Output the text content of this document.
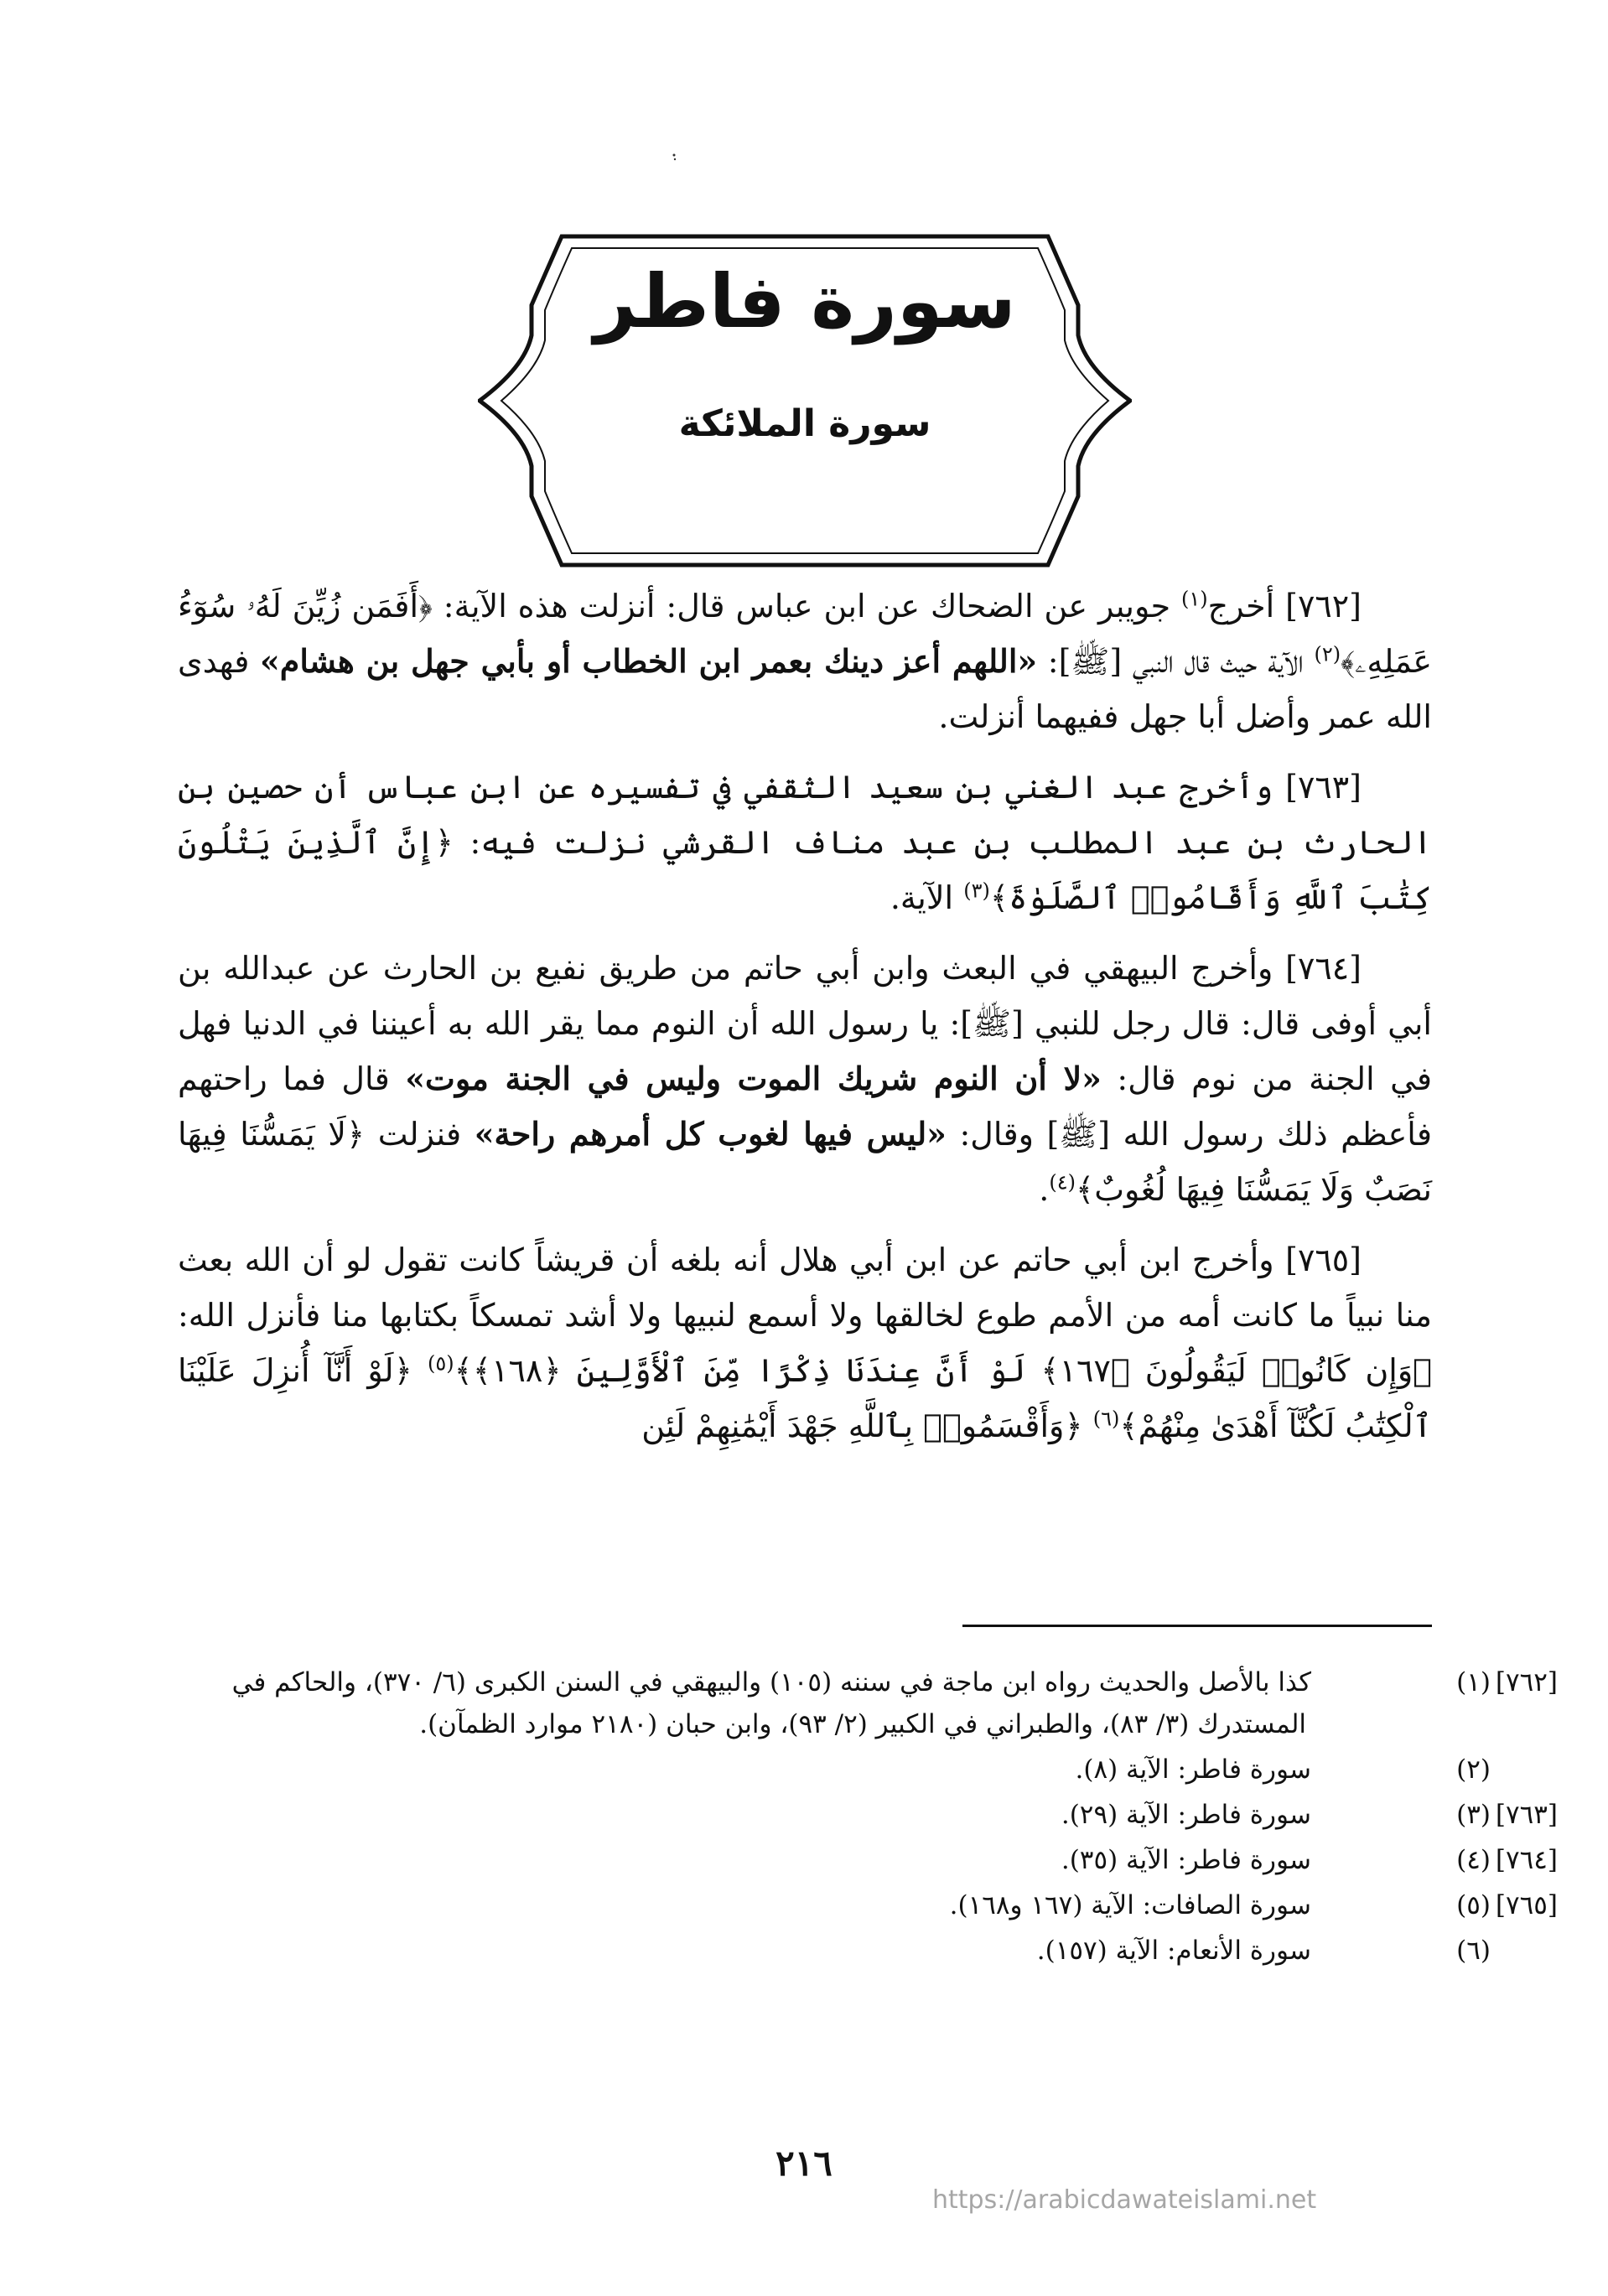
سورة فاطر
سورة الملائكة

[٧٦٢] أخرج$^{(١)}$ جويبر عن الضحاك عن ابن عباس قال: أنزلت هذه الآية: ﴿أَفَمَن زُيِّنَ لَهُۥ سُوٓءُ عَمَلِهِۦ﴾$^{(٢)}$ الآية حيث قال النبي [ﷺ]: «اللهم أعز دينك بعمر ابن الخطاب أو بأبي جهل بن هشام» فهدى الله عمر وأضل أبا جهل ففيهما أنزلت.

[٧٦٣] وأخرج عبد الغني بن سعيد الثقفي في تفسيره عن ابن عباس أن حصين بن الحارث بن عبد المطلب بن عبد مناف القرشي نزلت فيه: ﴿إِنَّ ٱلَّذِينَ يَتْلُونَ كِتَٰبَ ٱللَّهِ وَأَقَامُوا۟ ٱلصَّلَوٰةَ﴾$^{(٣)}$ الآية.

[٧٦٤] وأخرج البيهقي في البعث وابن أبي حاتم من طريق نفيع بن الحارث عن عبدالله بن أبي أوفى قال: قال رجل للنبي [ﷺ]: يا رسول الله أن النوم مما يقر الله به أعيننا في الدنيا فهل في الجنة من نوم قال: «لا أن النوم شريك الموت وليس في الجنة موت» قال فما راحتهم فأعظم ذلك رسول الله [ﷺ] وقال: «ليس فيها لغوب كل أمرهم راحة» فنزلت ﴿لَا يَمَسُّنَا فِيهَا نَصَبٌ وَلَا يَمَسُّنَا فِيهَا لُغُوبٌ﴾$^{(٤)}$.

[٧٦٥] وأخرج ابن أبي حاتم عن ابن أبي هلال أنه بلغه أن قريشاً كانت تقول لو أن الله بعث منا نبياً ما كانت أمه من الأمم طوع لخالقها ولا أسمع لنبيها ولا أشد تمسكاً بكتابها منا فأنزل الله: ﴿وَإِن كَانُوا۟ لَيَقُولُونَ ﴿١٦٧﴾ لَوْ أَنَّ عِندَنَا ذِكْرًا مِّنَ ٱلْأَوَّلِينَ ﴿١٦٨﴾﴾$^{(٥)}$ ﴿لَوْ أَنَّآ أُنزِلَ عَلَيْنَا ٱلْكِتَٰبُ لَكُنَّآ أَهْدَىٰ مِنْهُمْ﴾$^{(٦)}$ ﴿وَأَقْسَمُوا۟ بِٱللَّهِ جَهْدَ أَيْمَٰنِهِمْ لَئِن

[٧٦٢](١)كذا بالأصل والحديث رواه ابن ماجة في سننه (١٠٥) والبيهقي في السنن الكبرى (٦/ ٣٧٠)، والحاكم في المستدرك (٣/ ٨٣)، والطبراني في الكبير (٢/ ٩٣)، وابن حبان (٢١٨٠ موارد الظمآن).

(٢)سورة فاطر: الآية (٨).

[٧٦٣](٣)سورة فاطر: الآية (٢٩).

[٧٦٤](٤)سورة فاطر: الآية (٣٥).

[٧٦٥](٥)سورة الصافات: الآية (١٦٧ و١٦٨).

(٦)سورة الأنعام: الآية (١٥٧).

٢١٦
https://arabicdawateislami.net
